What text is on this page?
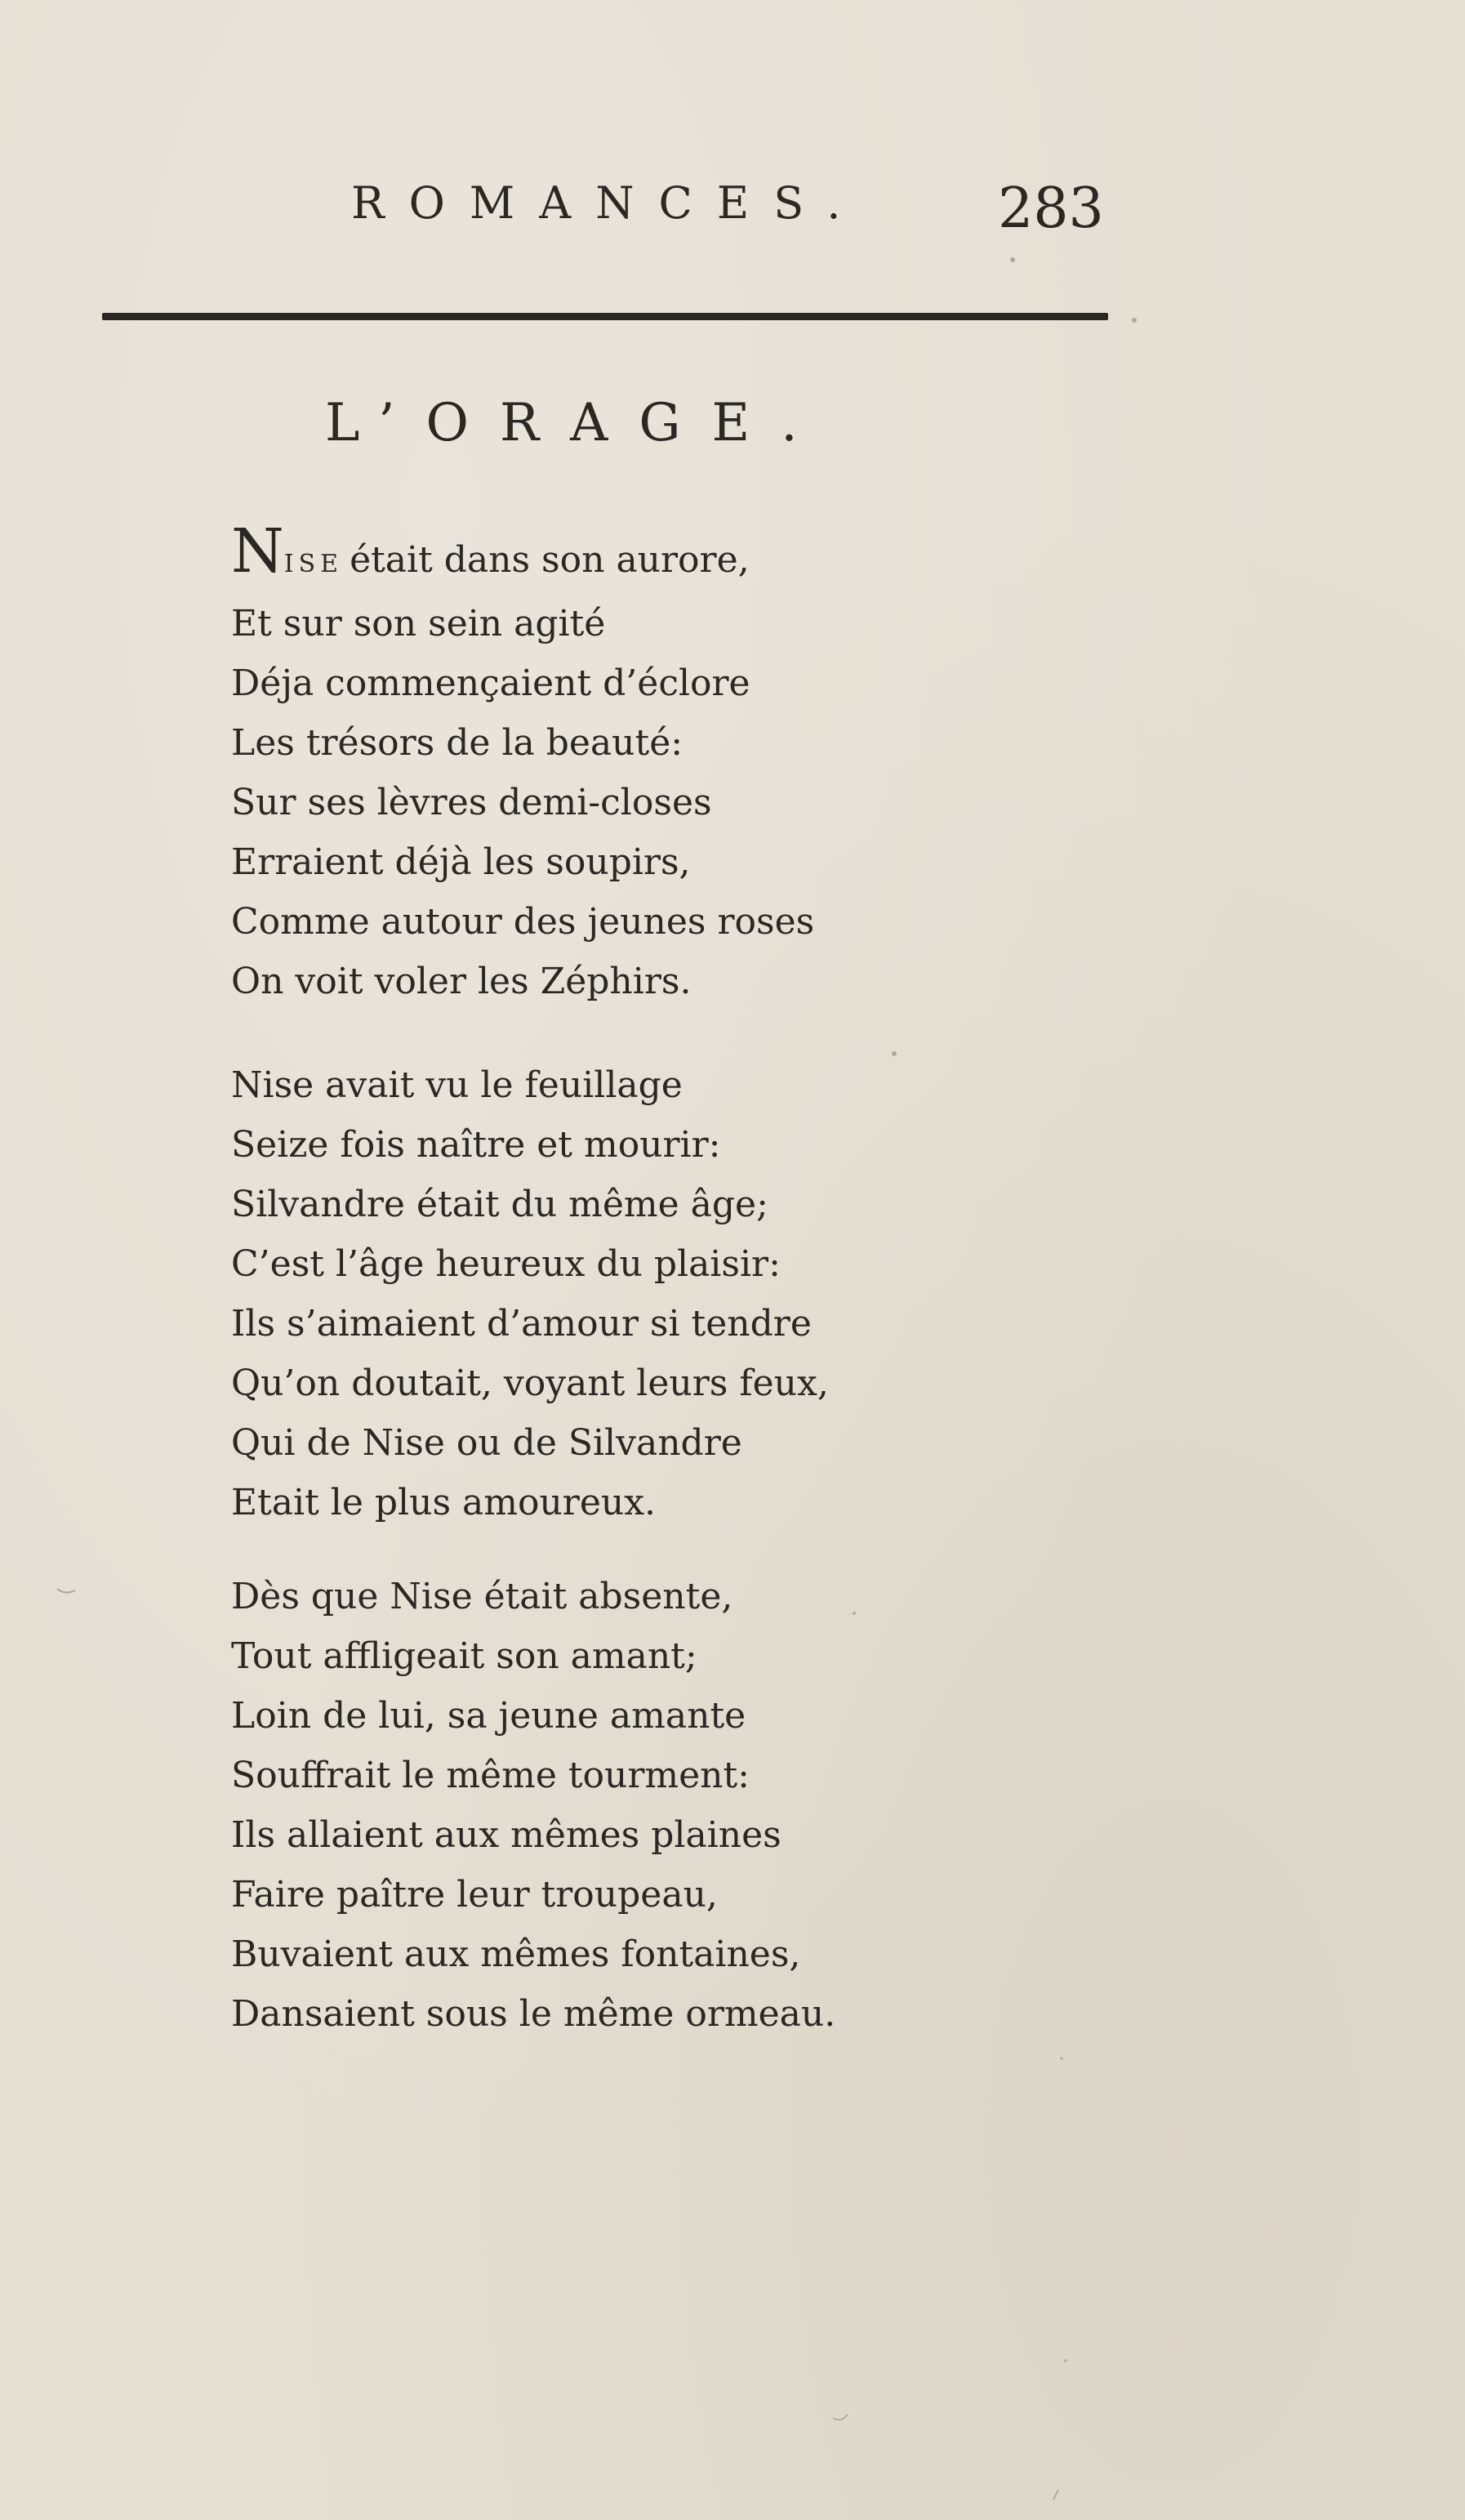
ROMANCES. 283
L’ORAGE.
NISE était dans son aurore,
Et sur son sein agité
Déja commençaient d’éclore
Les trésors de la beauté:
Sur ses lèvres demi-closes
Erraient déjà les soupirs,
Comme autour des jeunes roses
On voit voler les Zéphirs.
Nise avait vu le feuillage
Seize fois naître et mourir:
Silvandre était du même âge;
C’est l’âge heureux du plaisir:
Ils s’aimaient d’amour si tendre
Qu’on doutait, voyant leurs feux,
Qui de Nise ou de Silvandre
Etait le plus amoureux.
Dès que Nise était absente,
Tout affligeait son amant;
Loin de lui, sa jeune amante
Souffrait le même tourment:
Ils allaient aux mêmes plaines
Faire paître leur troupeau,
Buvaient aux mêmes fontaines,
Dansaient sous le même ormeau.
